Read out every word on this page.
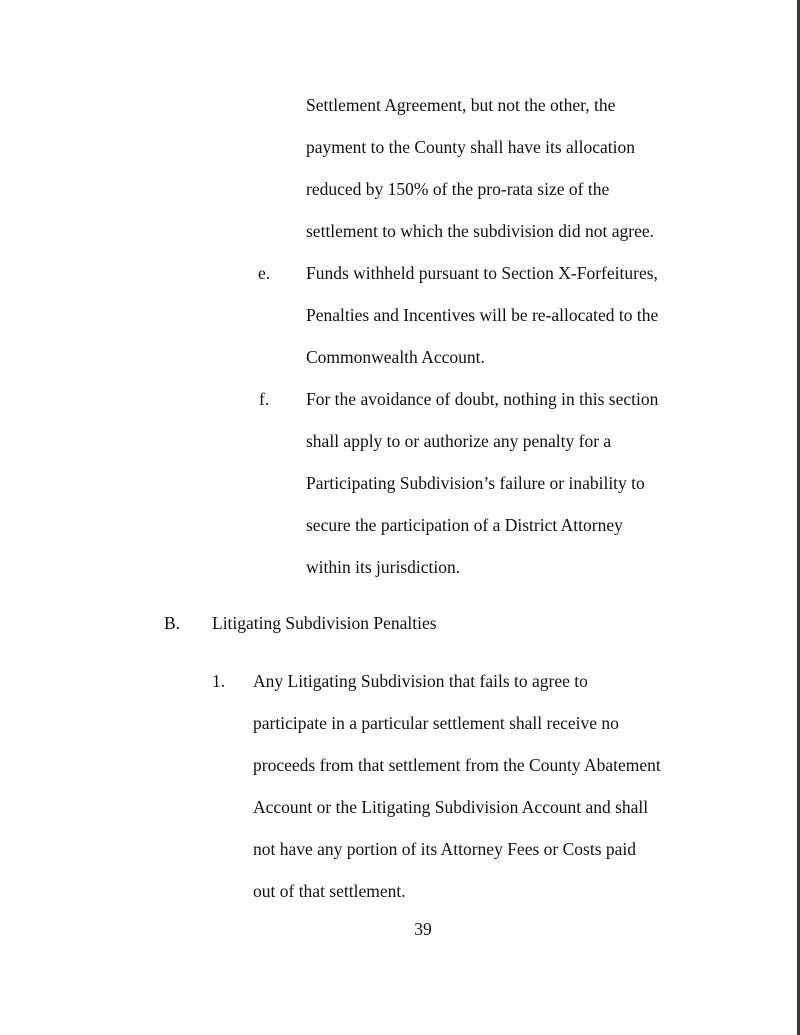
Settlement Agreement, but not the other, the
payment to the County shall have its allocation
reduced by 150% of the pro-rata size of the
settlement to which the subdivision did not agree.
e. Funds withheld pursuant to Section X-Forfeitures,
Penalties and Incentives will be re-allocated to the
Commonwealth Account.
f. For the avoidance of doubt, nothing in this section
shall apply to or authorize any penalty for a
Participating Subdivision’s failure or inability to
secure the participation of a District Attorney
within its jurisdiction.
B. Litigating Subdivision Penalties
1. Any Litigating Subdivision that fails to agree to
participate in a particular settlement shall receive no
proceeds from that settlement from the County Abatement
Account or the Litigating Subdivision Account and shall
not have any portion of its Attorney Fees or Costs paid
out of that settlement.
39
